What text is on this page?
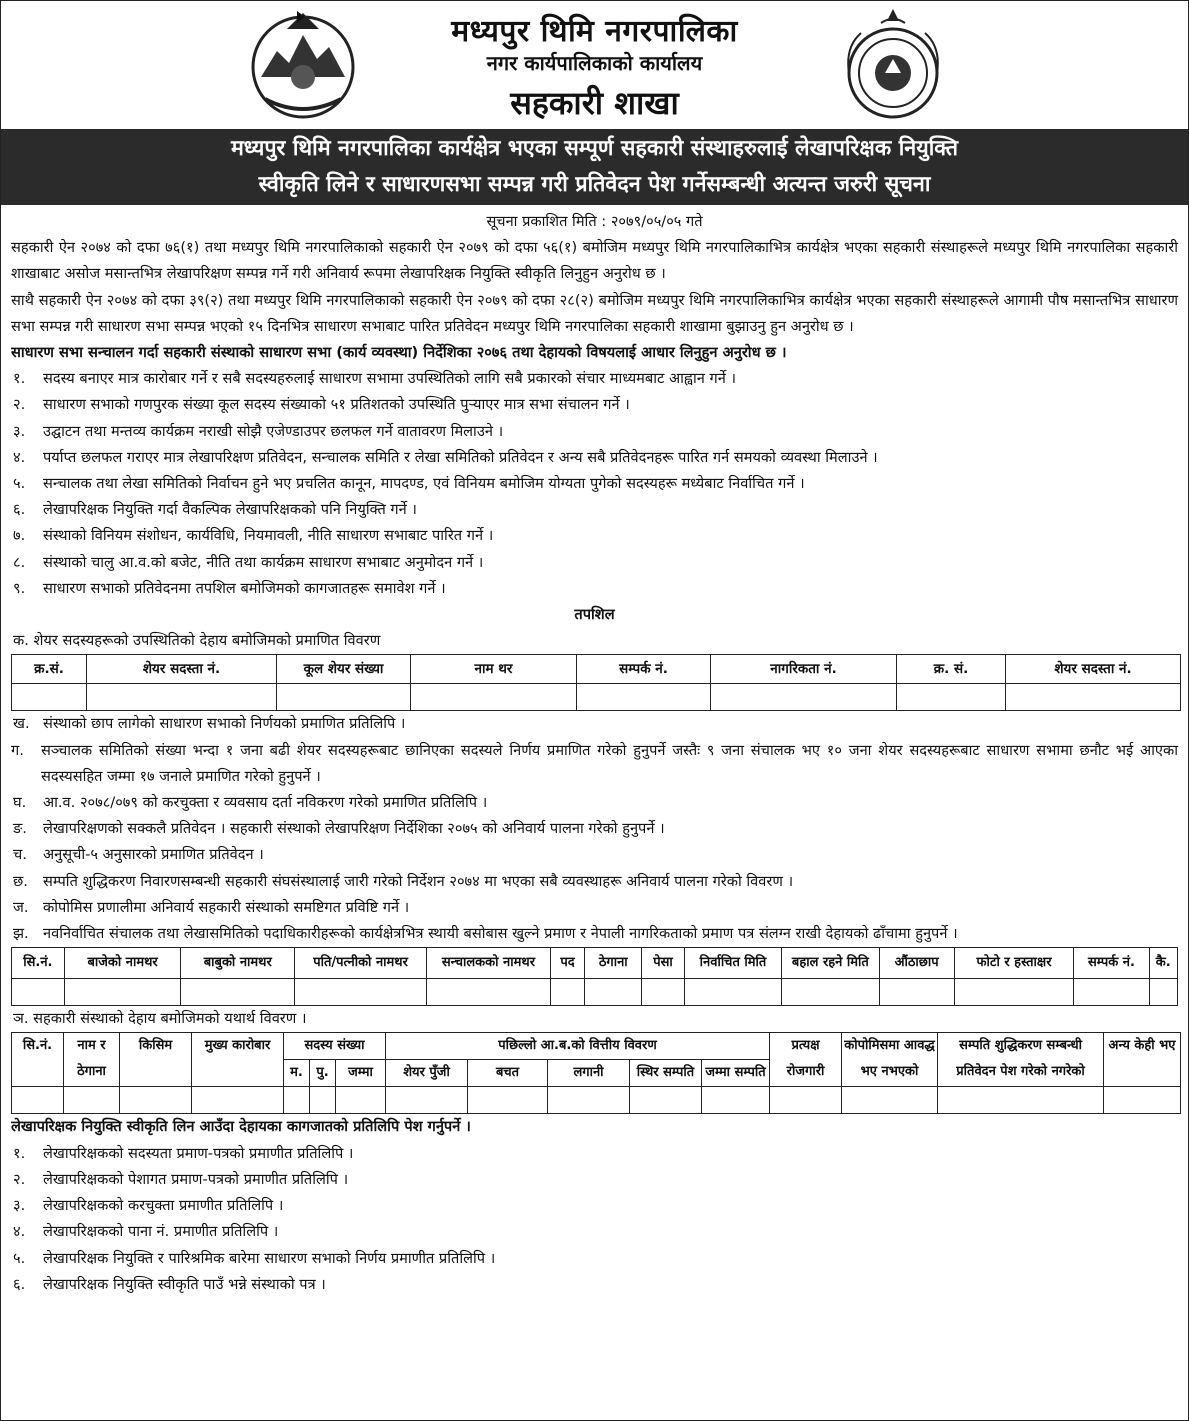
मध्यपुर थिमि नगरपालिका
नगर कार्यपालिकाको कार्यालय
सहकारी शाखा
मध्यपुर थिमि नगरपालिका कार्यक्षेत्र भएका सम्पूर्ण सहकारी संस्थाहरुलाई लेखापरिक्षक नियुक्ति
स्वीकृति लिने र साधारणसभा सम्पन्न गरी प्रतिवेदन पेश गर्नेसम्बन्धी अत्यन्त जरुरी सूचना
सूचना प्रकाशित मिति : २०७९/०५/०५ गते
सहकारी ऐन २०७४ को दफा ७६(१) तथा मध्यपुर थिमि नगरपालिकाको सहकारी ऐन २०७९ को दफा ५६(१) बमोजिम मध्यपुर थिमि नगरपालिकाभित्र कार्यक्षेत्र भएका सहकारी संस्थाहरूले मध्यपुर थिमि नगरपालिका सहकारी शाखाबाट असोज मसान्तभित्र लेखापरिक्षण सम्पन्न गर्ने गरी अनिवार्य रूपमा लेखापरिक्षक नियुक्ति स्वीकृति लिनुहुन अनुरोध छ ।
साथै सहकारी ऐन २०७४ को दफा ३९(२) तथा मध्यपुर थिमि नगरपालिकाको सहकारी ऐन २०७९ को दफा २८(२) बमोजिम मध्यपुर थिमि नगरपालिकाभित्र कार्यक्षेत्र भएका सहकारी संस्थाहरूले आगामी पौष मसान्तभित्र साधारण सभा सम्पन्न गरी साधारण सभा सम्पन्न भएको १५ दिनभित्र साधारण सभाबाट पारित प्रतिवेदन मध्यपुर थिमि नगरपालिका सहकारी शाखामा बुझाउनु हुन अनुरोध छ ।
साधारण सभा सन्चालन गर्दा सहकारी संस्थाको साधारण सभा (कार्य व्यवस्था) निर्देशिका २०७६ तथा देहायको विषयलाई आधार लिनुहुन अनुरोध छ ।
१. सदस्य बनाएर मात्र कारोबार गर्ने र सबै सदस्यहरुलाई साधारण सभामा उपस्थितिको लागि सबै प्रकारको संचार माध्यमबाट आह्वान गर्ने ।
२. साधारण सभाको गणपुरक संख्या कूल सदस्य संख्याको ५१ प्रतिशतको उपस्थिति पुऱ्याएर मात्र सभा संचालन गर्ने ।
३. उद्घाटन तथा मन्तव्य कार्यक्रम नराखी सोझै एजेण्डाउपर छलफल गर्ने वातावरण मिलाउने ।
४. पर्याप्त छलफल गराएर मात्र लेखापरिक्षण प्रतिवेदन, सन्चालक समिति र लेखा समितिको प्रतिवेदन र अन्य सबै प्रतिवेदनहरू पारित गर्न समयको व्यवस्था मिलाउने ।
५. सन्चालक तथा लेखा समितिको निर्वाचन हुने भए प्रचलित कानून, मापदण्ड, एवं विनियम बमोजिम योग्यता पुगेको सदस्यहरू मध्येबाट निर्वाचित गर्ने ।
६. लेखापरिक्षक नियुक्ति गर्दा वैकल्पिक लेखापरिक्षकको पनि नियुक्ति गर्ने ।
७. संस्थाको विनियम संशोधन, कार्यविधि, नियमावली, नीति साधारण सभाबाट पारित गर्ने ।
८. संस्थाको चालु आ.व.को बजेट, नीति तथा कार्यक्रम साधारण सभाबाट अनुमोदन गर्ने ।
९. साधारण सभाको प्रतिवेदनमा तपशिल बमोजिमको कागजातहरू समावेश गर्ने ।
तपशिल
क. शेयर सदस्यहरूको उपस्थितिको देहाय बमोजिमको प्रमाणित विवरण
क्र.सं.	शेयर सदस्ता नं.	कूल शेयर संख्या	नाम थर	सम्पर्क नं.	नागरिकता नं.	क्र. सं.	शेयर सदस्ता नं.

ख. संस्थाको छाप लागेको साधारण सभाको निर्णयको प्रमाणित प्रतिलिपि ।
ग.	सञ्चालक समितिको संख्या भन्दा १ जना बढी शेयर सदस्यहरूबाट छानिएका सदस्यले निर्णय प्रमाणित गरेको हुनुपर्ने जस्तैः ९ जना संचालक भए १० जना शेयर सदस्यहरूबाट साधारण सभामा छनौट भई आएका सदस्यसहित जम्मा १७ जनाले प्रमाणित गरेको हुनुपर्ने ।
घ. आ.व. २०७८/०७९ को करचुक्ता र व्यवसाय दर्ता नविकरण गरेको प्रमाणित प्रतिलिपि ।
ङ. लेखापरिक्षणको सक्कलै प्रतिवेदन । सहकारी संस्थाको लेखापरिक्षण निर्देशिका २०७५ को अनिवार्य पालना गरेको हुनुपर्ने ।
च. अनुसूची-५ अनुसारको प्रमाणित प्रतिवेदन ।
छ. सम्पति शुद्धिकरण निवारणसम्बन्धी सहकारी संघसंस्थालाई जारी गरेको निर्देशन २०७४ मा भएका सबै व्यवस्थाहरू अनिवार्य पालना गरेको विवरण ।
ज. कोपोमिस प्रणालीमा अनिवार्य सहकारी संस्थाको समष्टिगत प्रविष्टि गर्ने ।
झ. नवनिर्वाचित संचालक तथा लेखासमितिको पदाधिकारीहरूको कार्यक्षेत्रभित्र स्थायी बसोबास खुल्ने प्रमाण र नेपाली नागरिकताको प्रमाण पत्र संलग्न राखी देहायको ढाँचामा हुनुपर्ने ।
सि.नं.	बाजेको नामथर	बाबुको नामथर	पति/पत्नीको नामथर	सन्चालकको नामथर	पद	ठेगाना	पेसा	निर्वाचित मिति	बहाल रहने मिति	औंठाछाप	फोटो र हस्ताक्षर	सम्पर्क नं.	कै.

ञ. सहकारी संस्थाको देहाय बमोजिमको यथार्थ विवरण ।
सि.नं.	नाम र ठेगाना	किसिम	मुख्य कारोबार	सदस्य संख्या			पछिल्लो आ.ब.को वित्तीय विवरण					प्रत्यक्ष रोजगारी	कोपोमिसमा आवद्ध भए नभएको	सम्पति शुद्धिकरण सम्बन्धी प्रतिवेदन पेश गरेको नगरेको	अन्य केही भए
				म.	पु.	जम्मा	शेयर पुँजी	बचत	लगानी	स्थिर सम्पति	जम्मा सम्पति				

लेखापरिक्षक नियुक्ति स्वीकृति लिन आउँदा देहायका कागजातको प्रतिलिपि पेश गर्नुपर्ने ।
१. लेखापरिक्षकको सदस्यता प्रमाण-पत्रको प्रमाणीत प्रतिलिपि ।
२. लेखापरिक्षकको पेशागत प्रमाण-पत्रको प्रमाणीत प्रतिलिपि ।
३. लेखापरिक्षकको करचुक्ता प्रमाणीत प्रतिलिपि ।
४. लेखापरिक्षकको पाना नं. प्रमाणीत प्रतिलिपि ।
५. लेखापरिक्षक नियुक्ति र पारिश्रमिक बारेमा साधारण सभाको निर्णय प्रमाणीत प्रतिलिपि ।
६. लेखापरिक्षक नियुक्ति स्वीकृति पाउँ भन्ने संस्थाको पत्र ।
